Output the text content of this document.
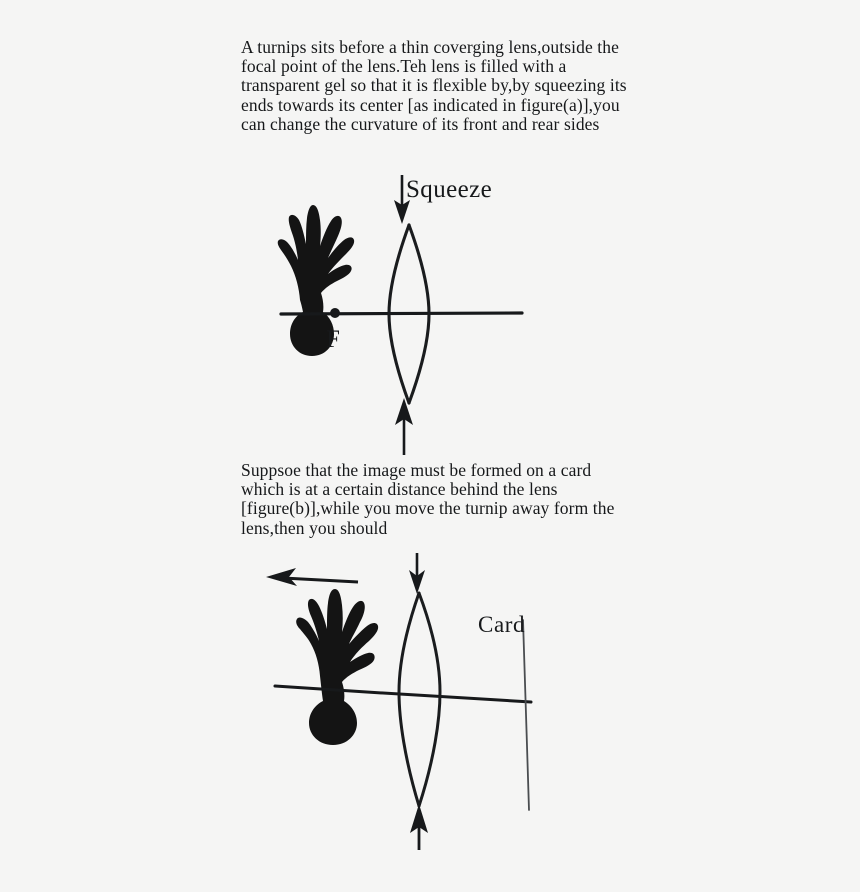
A turnips sits before a thin coverging lens,outside the focal point of the lens.Teh lens is filled with a transparent gel so that it is flexible by,by squeezing its ends towards its center [as indicated in figure(a)],you can change the curvature of its front and rear sides
Squeeze
F
Suppsoe that the image must be formed on a card which is at a certain distance behind the lens [figure(b)],while you move the turnip away form the lens,then you should
Card
